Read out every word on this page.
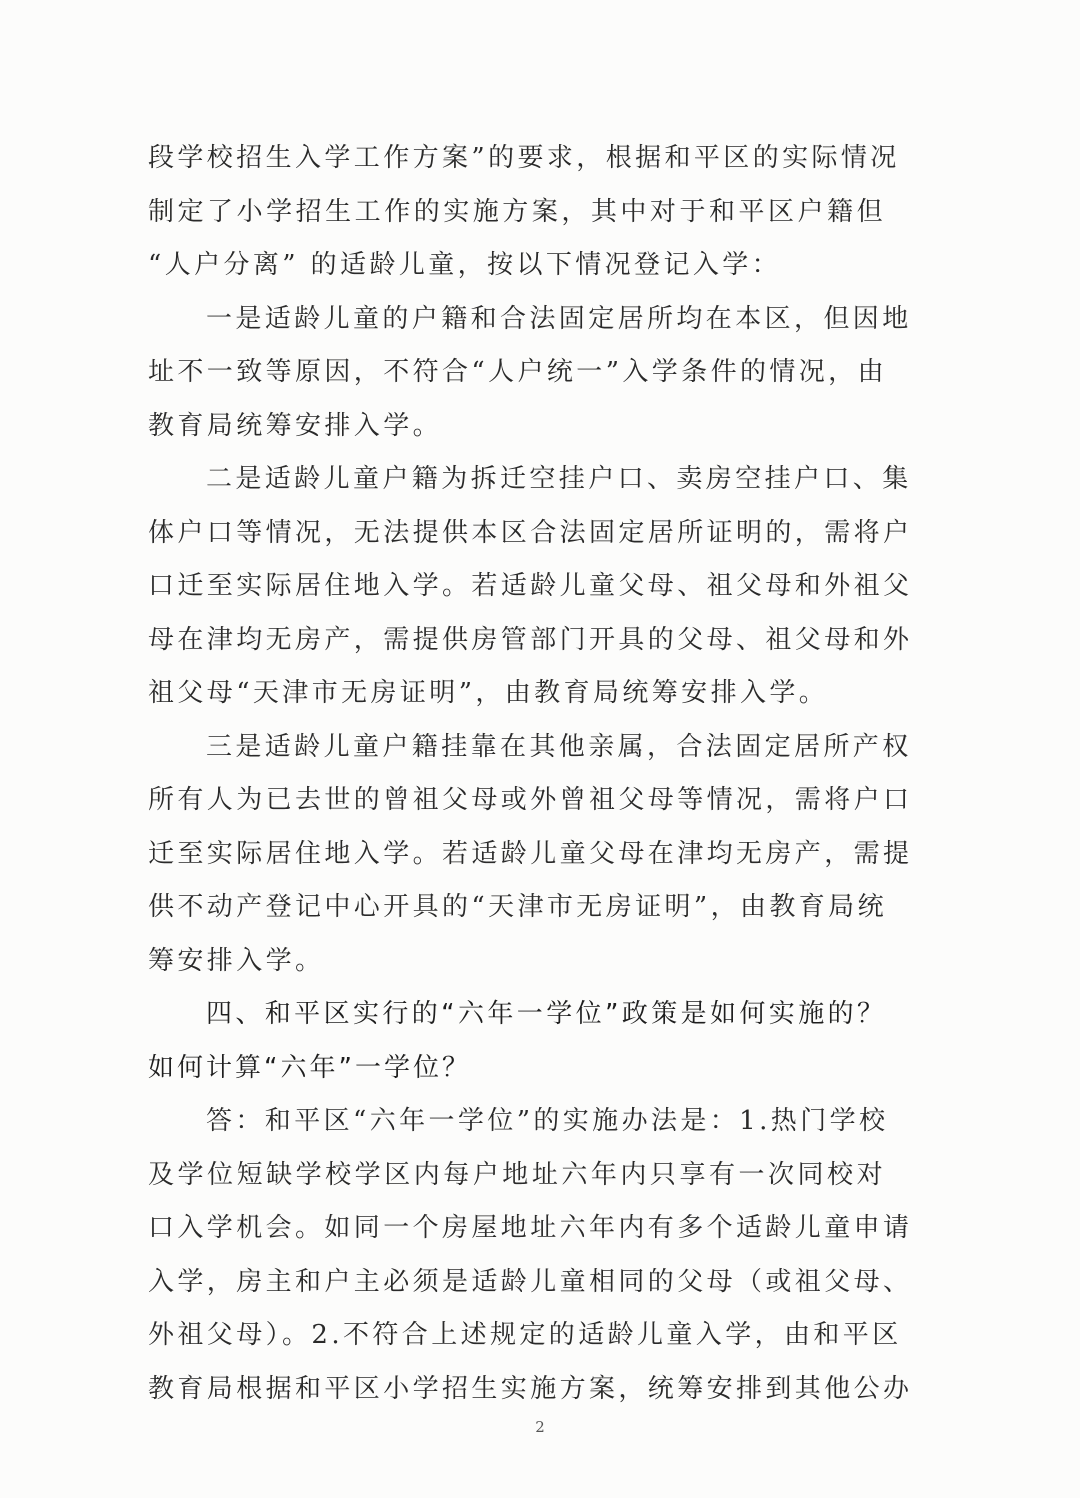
段学校招生入学工作方案”的要求，根据和平区的实际情况
制定了小学招生工作的实施方案，其中对于和平区户籍但
“人户分离” 的适龄儿童，按以下情况登记入学：
一是适龄儿童的户籍和合法固定居所均在本区，但因地
址不一致等原因，不符合“人户统一”入学条件的情况，由
教育局统筹安排入学。
二是适龄儿童户籍为拆迁空挂户口、卖房空挂户口、集
体户口等情况，无法提供本区合法固定居所证明的，需将户
口迁至实际居住地入学。若适龄儿童父母、祖父母和外祖父
母在津均无房产，需提供房管部门开具的父母、祖父母和外
祖父母“天津市无房证明”，由教育局统筹安排入学。
三是适龄儿童户籍挂靠在其他亲属，合法固定居所产权
所有人为已去世的曾祖父母或外曾祖父母等情况，需将户口
迁至实际居住地入学。若适龄儿童父母在津均无房产，需提
供不动产登记中心开具的“天津市无房证明”，由教育局统
筹安排入学。
四、和平区实行的“六年一学位”政策是如何实施的？
如何计算“六年”一学位？
答：和平区“六年一学位”的实施办法是：1.热门学校
及学位短缺学校学区内每户地址六年内只享有一次同校对
口入学机会。如同一个房屋地址六年内有多个适龄儿童申请
入学，房主和户主必须是适龄儿童相同的父母（或祖父母、
外祖父母）。2.不符合上述规定的适龄儿童入学，由和平区
教育局根据和平区小学招生实施方案，统筹安排到其他公办
2
